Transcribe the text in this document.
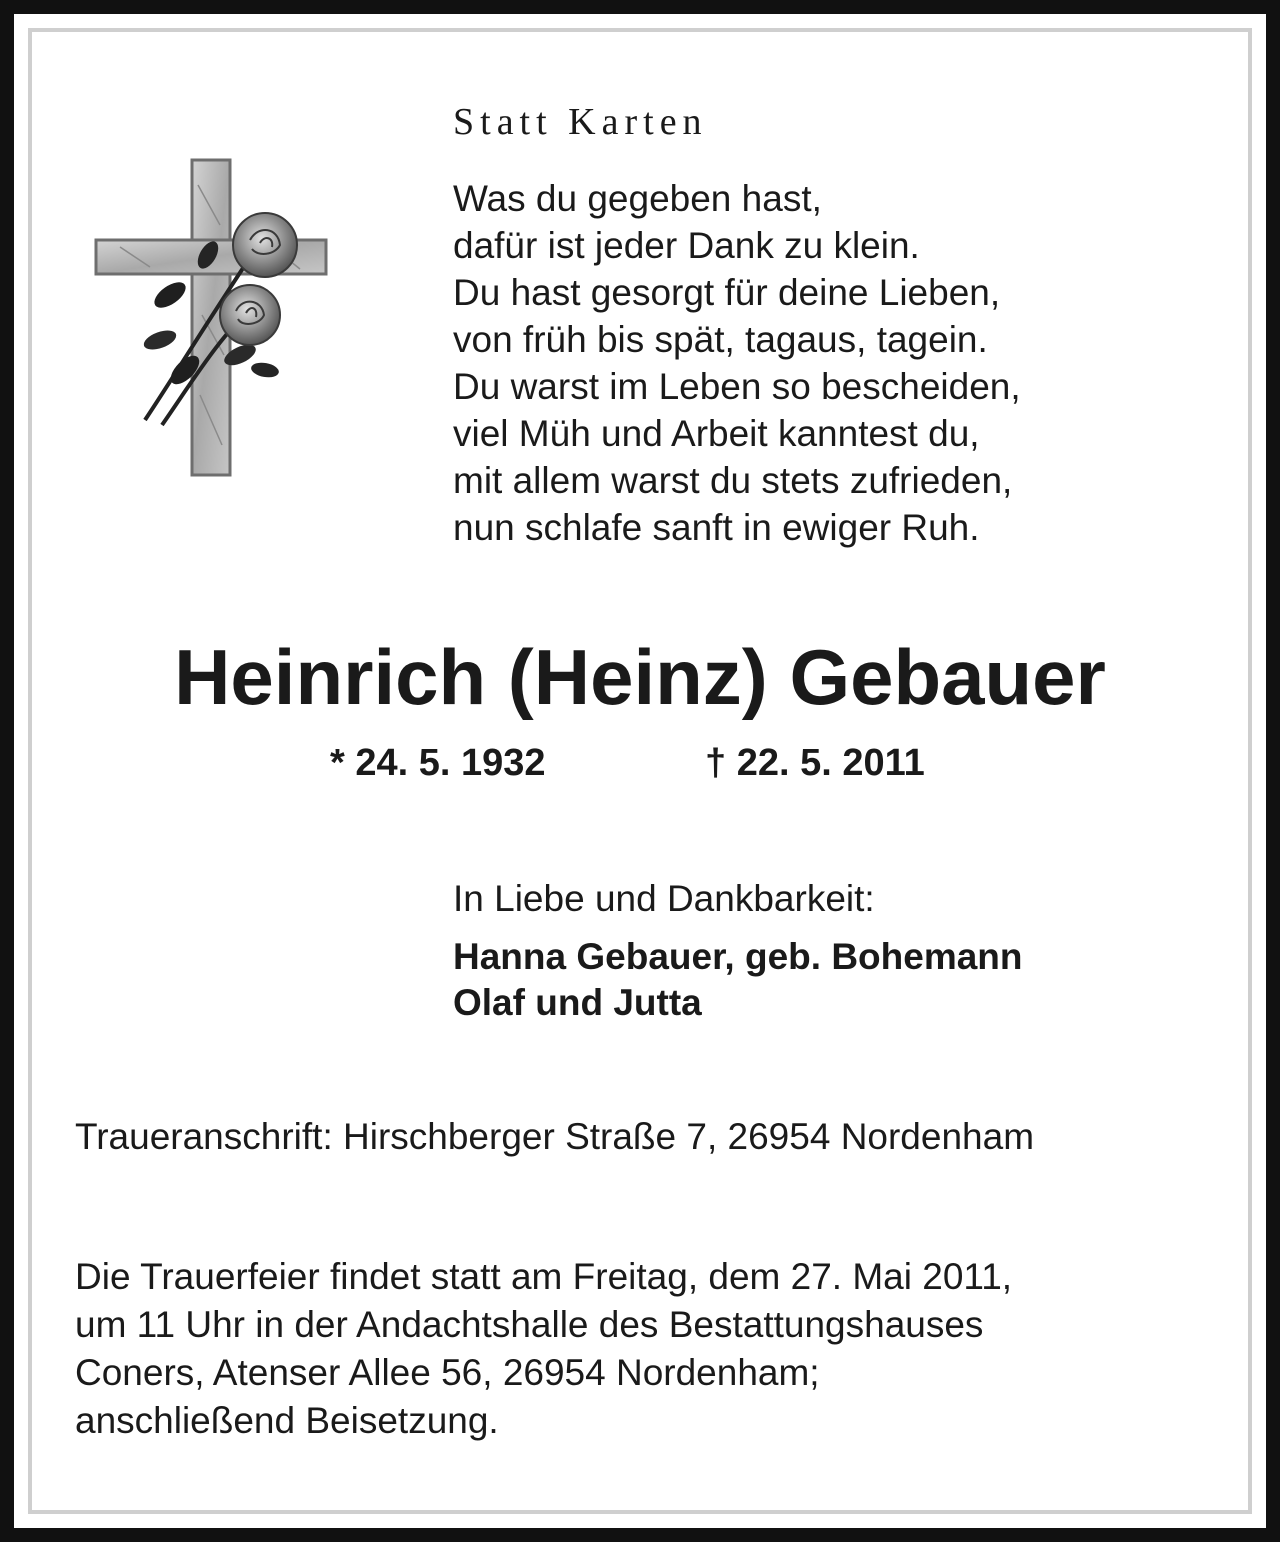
Statt Karten
Was du gegeben hast,
dafür ist jeder Dank zu klein.
Du hast gesorgt für deine Lieben,
von früh bis spät, tagaus, tagein.
Du warst im Leben so bescheiden,
viel Müh und Arbeit kanntest du,
mit allem warst du stets zufrieden,
nun schlafe sanft in ewiger Ruh.
Heinrich (Heinz) Gebauer
* 24. 5. 1932	† 22. 5. 2011
In Liebe und Dankbarkeit:
Hanna Gebauer, geb. Bohemann
Olaf und Jutta
Traueranschrift: Hirschberger Straße 7, 26954 Nordenham
Die Trauerfeier findet statt am Freitag, dem 27. Mai 2011,
um 11 Uhr in der Andachtshalle des Bestattungshauses
Coners, Atenser Allee 56, 26954 Nordenham;
anschließend Beisetzung.
